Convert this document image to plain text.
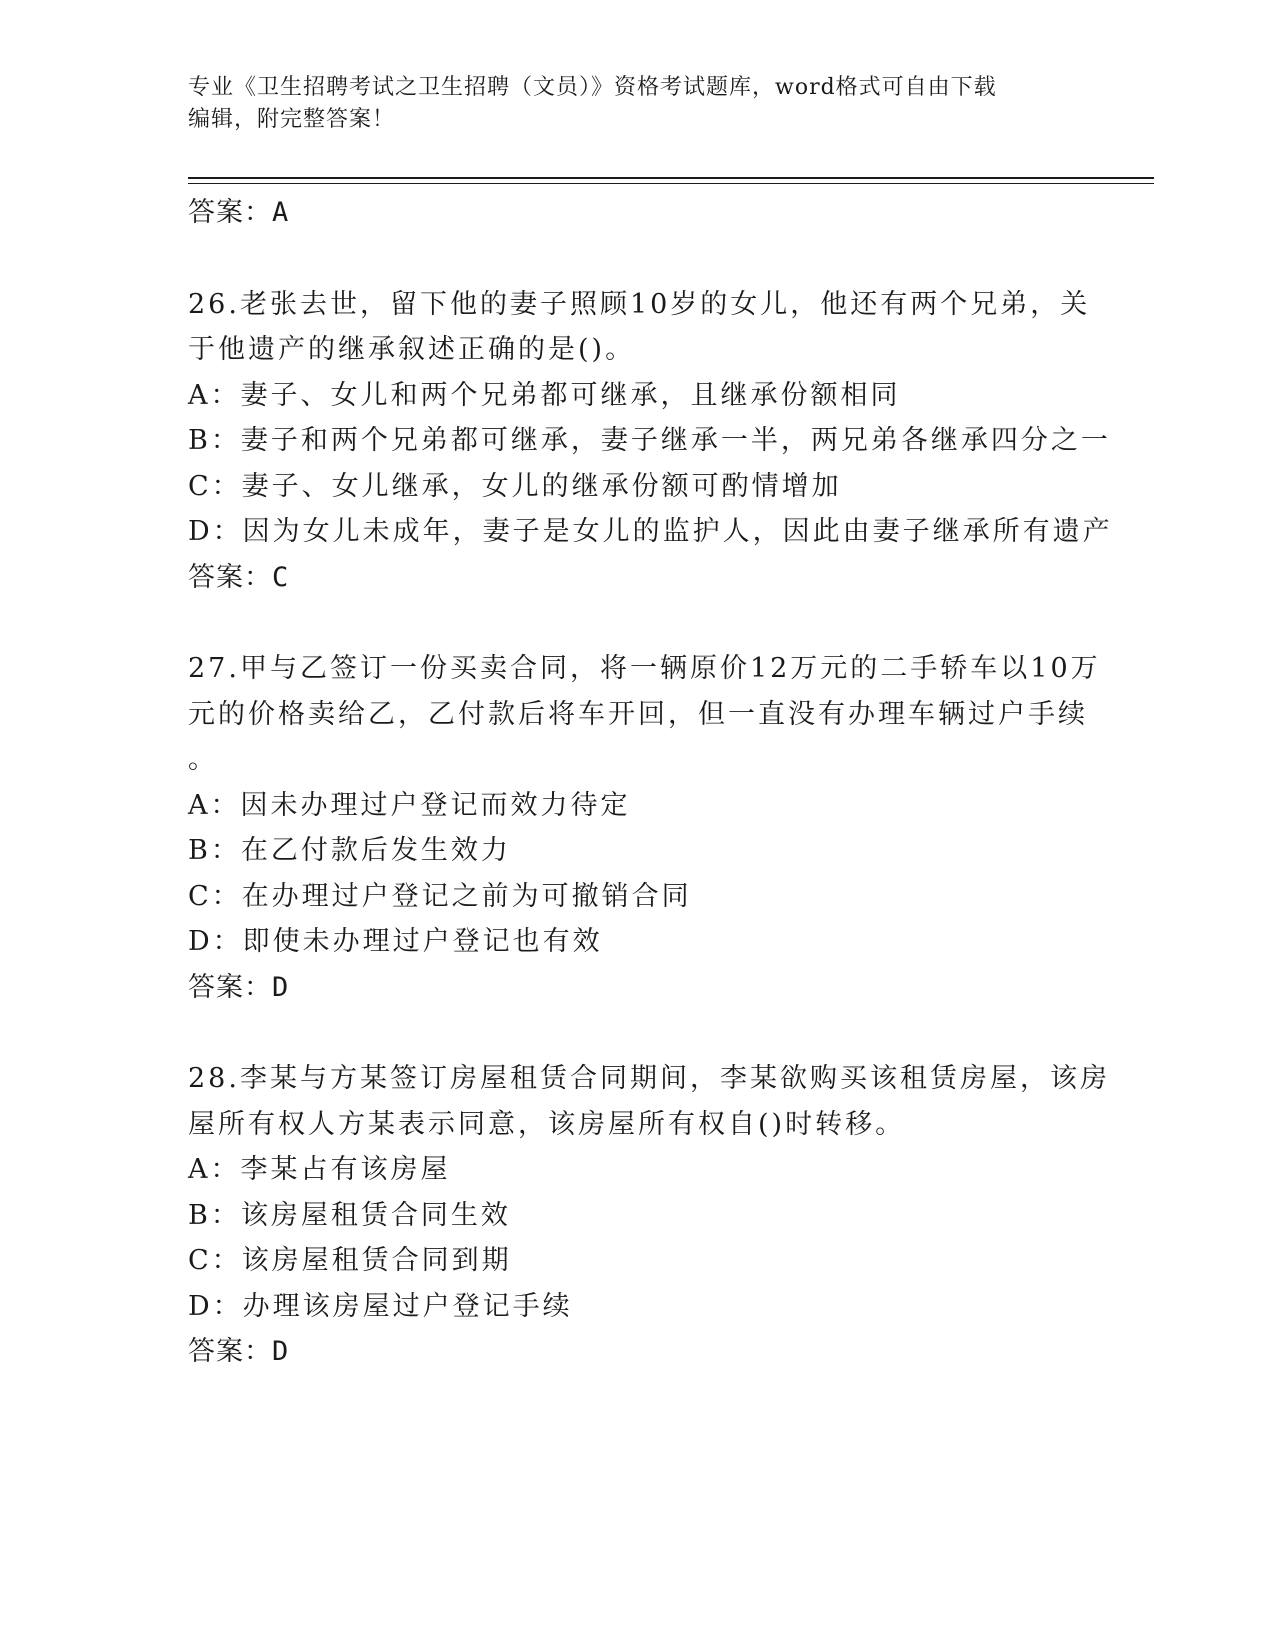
专业《卫生招聘考试之卫生招聘（文员）》资格考试题库，word格式可自由下载
编辑，附完整答案！
答案：A
26.老张去世，留下他的妻子照顾10岁的女儿，他还有两个兄弟，关
于他遗产的继承叙述正确的是()。
A：妻子、女儿和两个兄弟都可继承，且继承份额相同
B：妻子和两个兄弟都可继承，妻子继承一半，两兄弟各继承四分之一
C：妻子、女儿继承，女儿的继承份额可酌情增加
D：因为女儿未成年，妻子是女儿的监护人，因此由妻子继承所有遗产
答案：C
27.甲与乙签订一份买卖合同，将一辆原价12万元的二手轿车以10万
元的价格卖给乙，乙付款后将车开回，但一直没有办理车辆过户手续
。
A：因未办理过户登记而效力待定
B：在乙付款后发生效力
C：在办理过户登记之前为可撤销合同
D：即使未办理过户登记也有效
答案：D
28.李某与方某签订房屋租赁合同期间，李某欲购买该租赁房屋，该房
屋所有权人方某表示同意，该房屋所有权自()时转移。
A：李某占有该房屋
B：该房屋租赁合同生效
C：该房屋租赁合同到期
D：办理该房屋过户登记手续
答案：D
